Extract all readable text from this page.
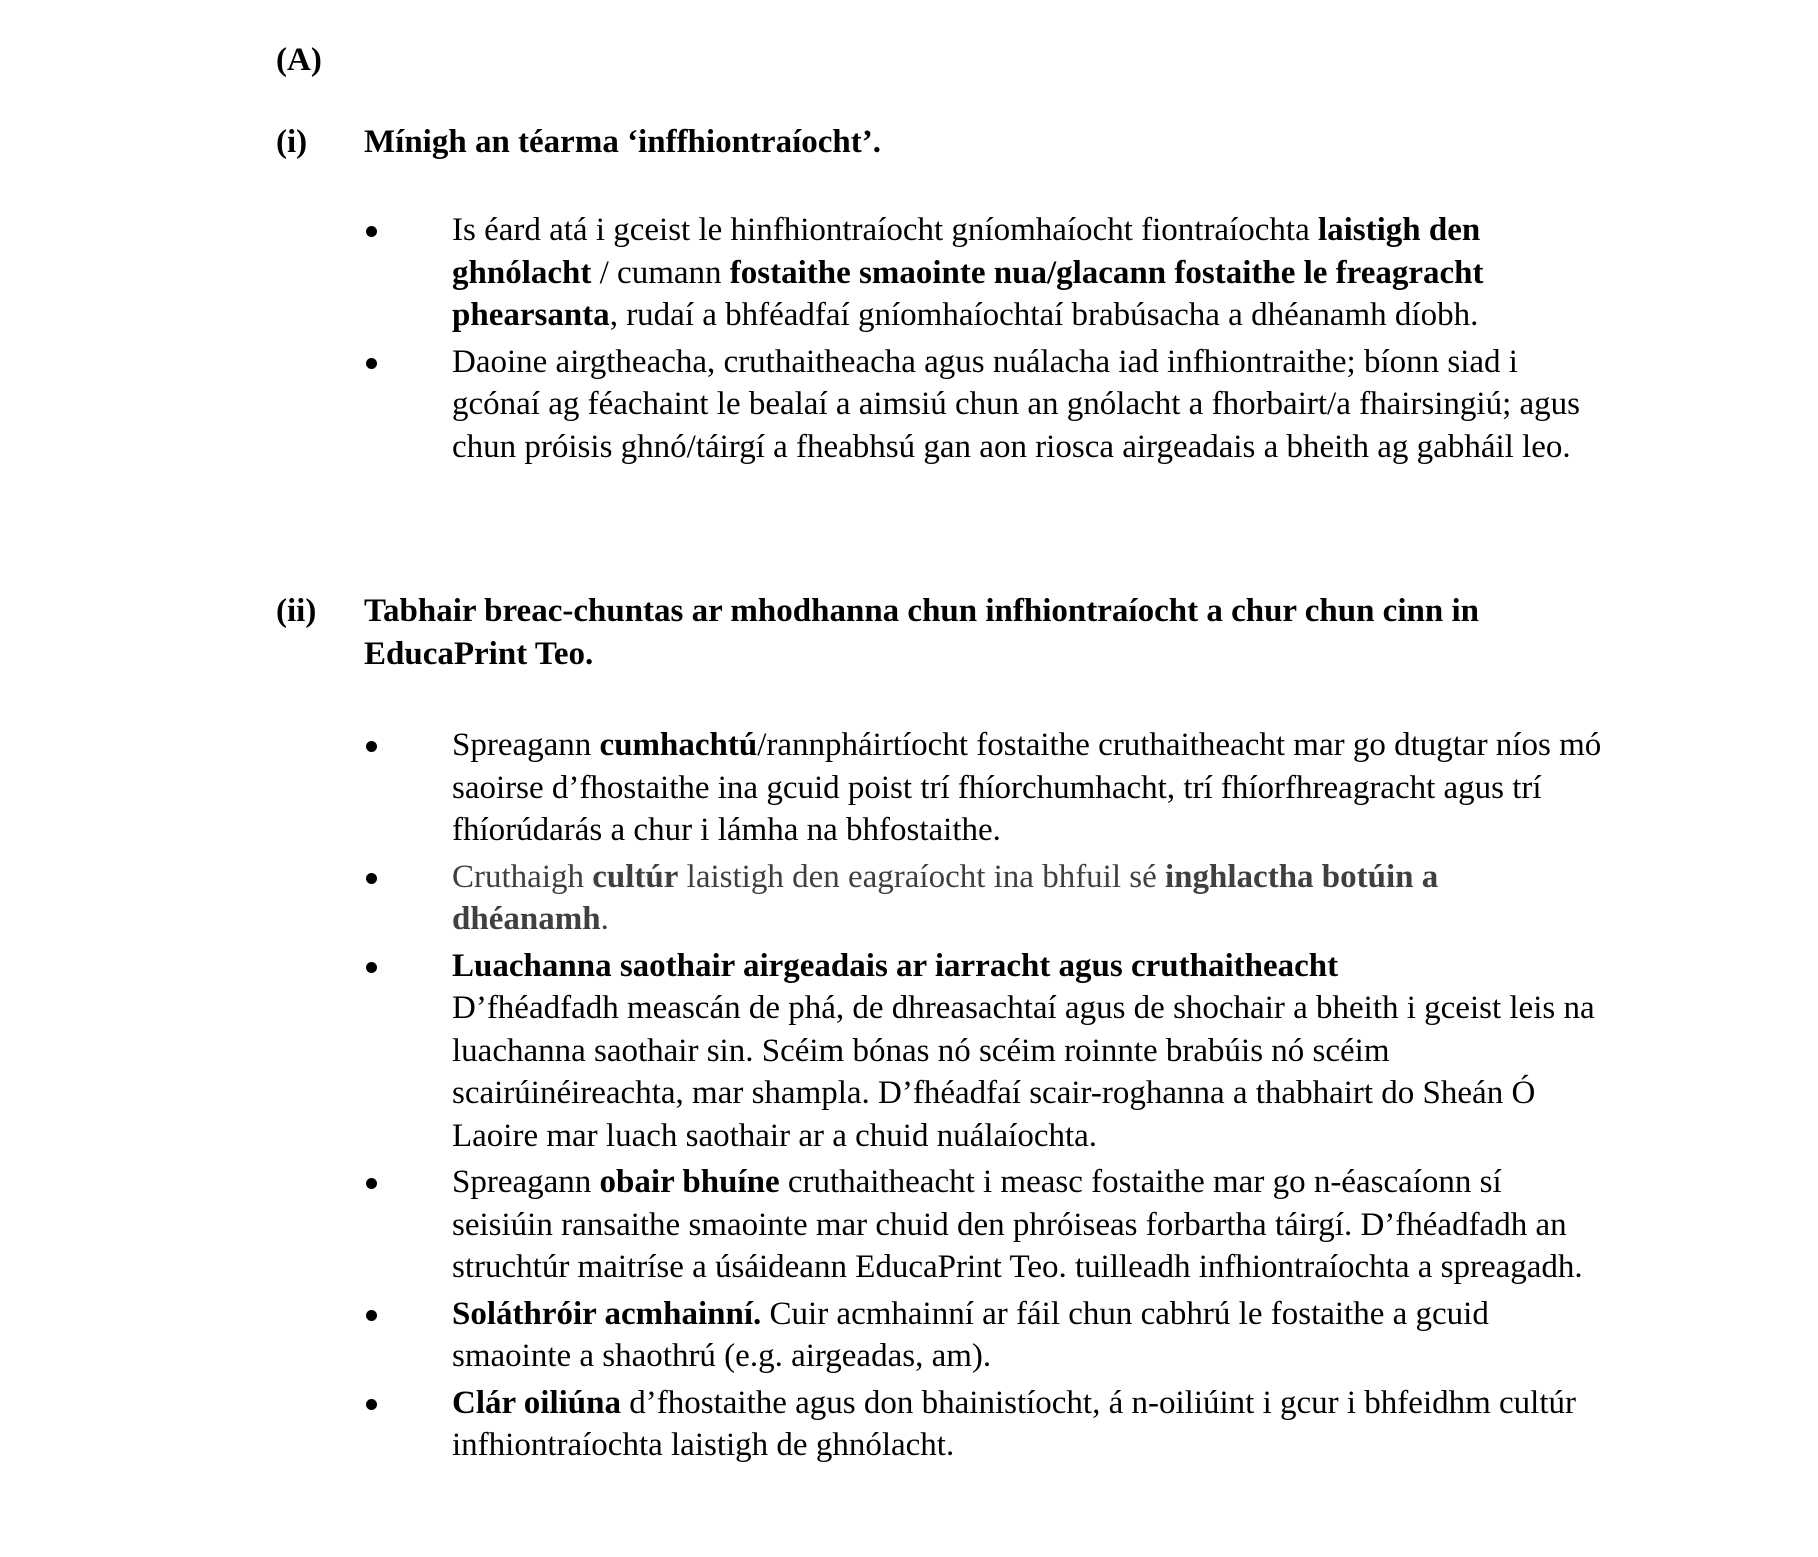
(A)
(i) Mínigh an téarma ‘inffhiontraíocht’.
Is éard atá i gceist le hinfhiontraíocht gníomhaíocht fiontraíochta laistigh den ghnólacht / cumann fostaithe smaointe nua/glacann fostaithe le freagracht phearsanta, rudaí a bhféadfaí gníomhaíochtaí brabúsacha a dhéanamh díobh.
Daoine airgtheacha, cruthaitheacha agus nuálacha iad infhiontraithe; bíonn siad i gcónaí ag féachaint le bealaí a aimsiú chun an gnólacht a fhorbairt/a fhairsingiú; agus chun próisis ghnó/táirgí a fheabhsú gan aon riosca airgeadais a bheith ag gabháil leo.
(ii) Tabhair breac-chuntas ar mhodhanna chun infhiontraíocht a chur chun cinn in EducaPrint Teo.
Spreagann cumhachtú/rannpháirtíocht fostaithe cruthaitheacht mar go dtugtar níos mó saoirse d’fhostaithe ina gcuid poist trí fhíorchumhacht, trí fhíorfhreagracht agus trí fhíorúdarás a chur i lámha na bhfostaithe.
Cruthaigh cultúr laistigh den eagraíocht ina bhfuil sé inghlactha botúin a dhéanamh.
Luachanna saothair airgeadais ar iarracht agus cruthaitheacht
D’fhéadfadh meascán de phá, de dhreasachtaí agus de shochair a bheith i gceist leis na luachanna saothair sin. Scéim bónas nó scéim roinnte brabúis nó scéim scairúinéireachta, mar shampla. D’fhéadfaí scair-roghanna a thabhairt do Sheán Ó Laoire mar luach saothair ar a chuid nuálaíochta.
Spreagann obair bhuíne cruthaitheacht i measc fostaithe mar go n-éascaíonn sí seisiúin ransaithe smaointe mar chuid den phróiseas forbartha táirgí. D’fhéadfadh an struchtúr maitríse a úsáideann EducaPrint Teo. tuilleadh infhiontraíochta a spreagadh.
Soláthróir acmhainní. Cuir acmhainní ar fáil chun cabhrú le fostaithe a gcuid smaointe a shaothrú (e.g. airgeadas, am).
Clár oiliúna d’fhostaithe agus don bhainistíocht, á n-oiliúint i gcur i bhfeidhm cultúr infhiontraíochta laistigh de ghnólacht.
